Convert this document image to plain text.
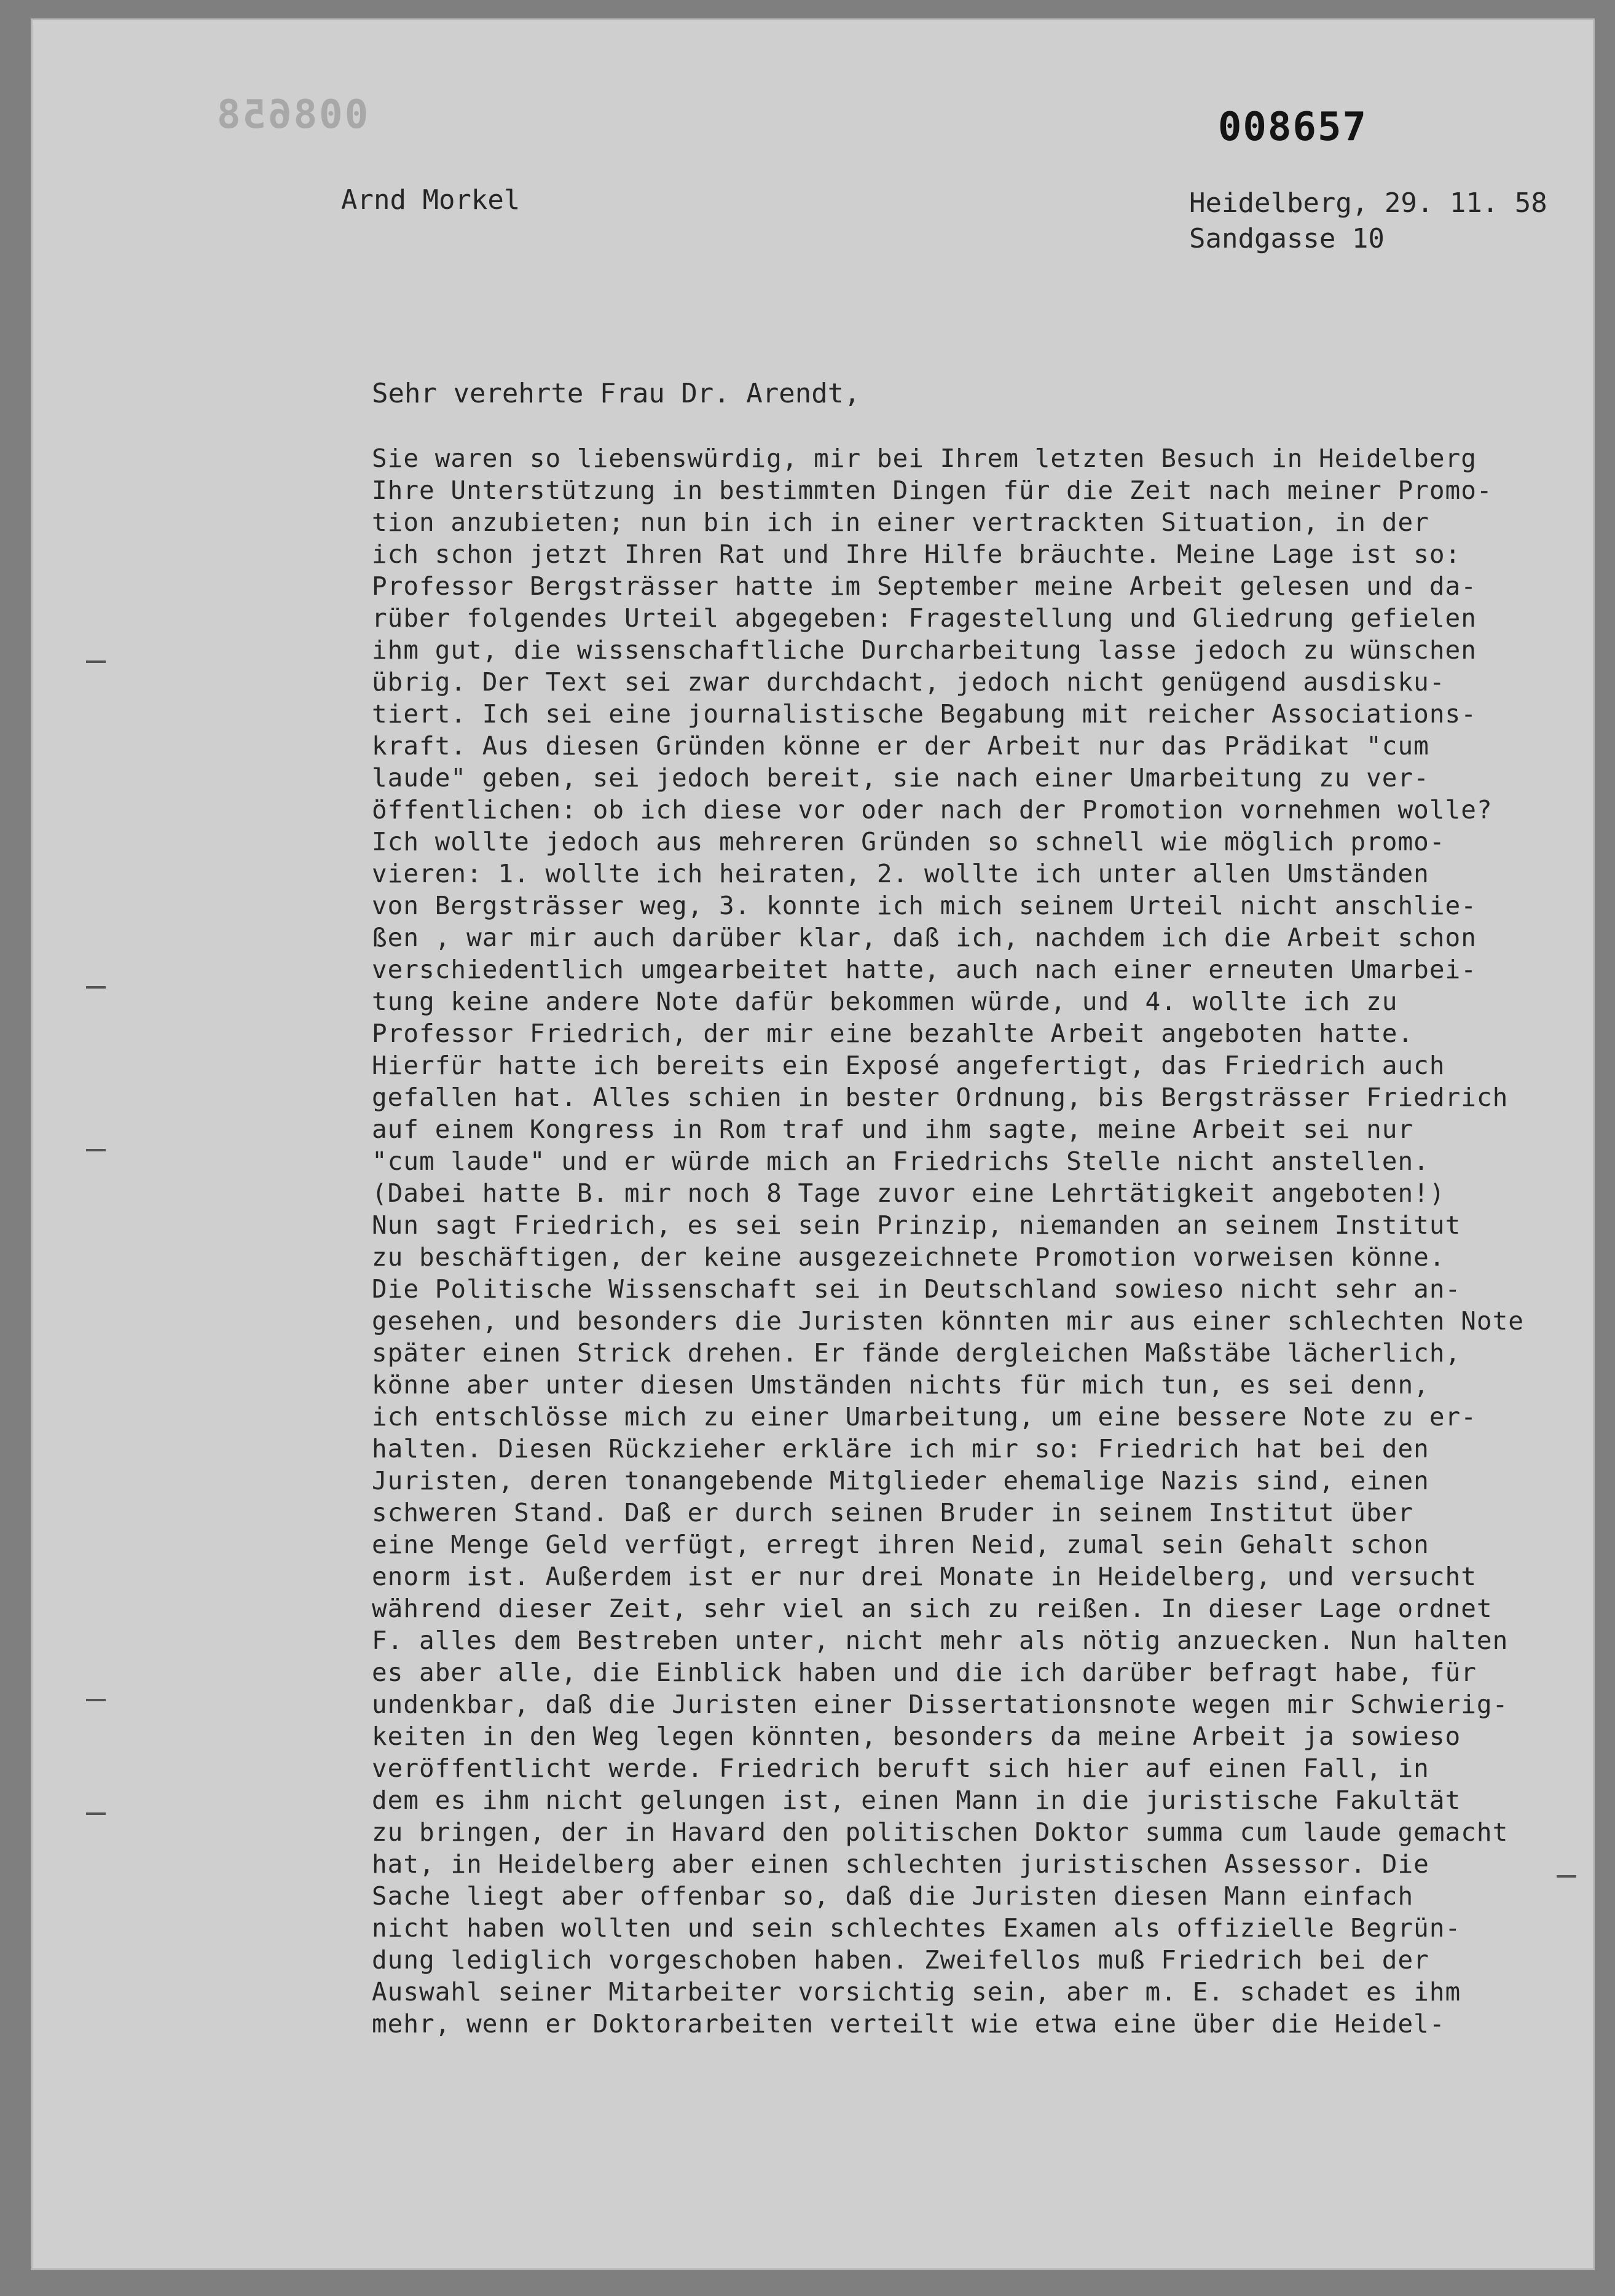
008658	008657
Arnd Morkel	Heidelberg, 29. 11. 58
Sandgasse 10
Sehr verehrte Frau Dr. Arendt,
Sie waren so liebenswürdig, mir bei Ihrem letzten Besuch in Heidelberg
Ihre Unterstützung in bestimmten Dingen für die Zeit nach meiner Promo-
tion anzubieten; nun bin ich in einer vertrackten Situation, in der
ich schon jetzt Ihren Rat und Ihre Hilfe bräuchte. Meine Lage ist so:
Professor Bergsträsser hatte im September meine Arbeit gelesen und da-
rüber folgendes Urteil abgegeben: Fragestellung und Gliedrung gefielen
ihm gut, die wissenschaftliche Durcharbeitung lasse jedoch zu wünschen
übrig. Der Text sei zwar durchdacht, jedoch nicht genügend ausdisku-
tiert. Ich sei eine journalistische Begabung mit reicher Associations-
kraft. Aus diesen Gründen könne er der Arbeit nur das Prädikat "cum
laude" geben, sei jedoch bereit, sie nach einer Umarbeitung zu ver-
öffentlichen: ob ich diese vor oder nach der Promotion vornehmen wolle?
Ich wollte jedoch aus mehreren Gründen so schnell wie möglich promo-
vieren: 1. wollte ich heiraten, 2. wollte ich unter allen Umständen
von Bergsträsser weg, 3. konnte ich mich seinem Urteil nicht anschlie-
ßen , war mir auch darüber klar, daß ich, nachdem ich die Arbeit schon
verschiedentlich umgearbeitet hatte, auch nach einer erneuten Umarbei-
tung keine andere Note dafür bekommen würde, und 4. wollte ich zu
Professor Friedrich, der mir eine bezahlte Arbeit angeboten hatte.
Hierfür hatte ich bereits ein Exposé angefertigt, das Friedrich auch
gefallen hat. Alles schien in bester Ordnung, bis Bergsträsser Friedrich
auf einem Kongress in Rom traf und ihm sagte, meine Arbeit sei nur
"cum laude" und er würde mich an Friedrichs Stelle nicht anstellen.
(Dabei hatte B. mir noch 8 Tage zuvor eine Lehrtätigkeit angeboten!)
Nun sagt Friedrich, es sei sein Prinzip, niemanden an seinem Institut
zu beschäftigen, der keine ausgezeichnete Promotion vorweisen könne.
Die Politische Wissenschaft sei in Deutschland sowieso nicht sehr an-
gesehen, und besonders die Juristen könnten mir aus einer schlechten Note
später einen Strick drehen. Er fände dergleichen Maßstäbe lächerlich,
könne aber unter diesen Umständen nichts für mich tun, es sei denn,
ich entschlösse mich zu einer Umarbeitung, um eine bessere Note zu er-
halten. Diesen Rückzieher erkläre ich mir so: Friedrich hat bei den
Juristen, deren tonangebende Mitglieder ehemalige Nazis sind, einen
schweren Stand. Daß er durch seinen Bruder in seinem Institut über
eine Menge Geld verfügt, erregt ihren Neid, zumal sein Gehalt schon
enorm ist. Außerdem ist er nur drei Monate in Heidelberg, und versucht
während dieser Zeit, sehr viel an sich zu reißen. In dieser Lage ordnet
F. alles dem Bestreben unter, nicht mehr als nötig anzuecken. Nun halten
es aber alle, die Einblick haben und die ich darüber befragt habe, für
undenkbar, daß die Juristen einer Dissertationsnote wegen mir Schwierig-
keiten in den Weg legen könnten, besonders da meine Arbeit ja sowieso
veröffentlicht werde. Friedrich beruft sich hier auf einen Fall, in
dem es ihm nicht gelungen ist, einen Mann in die juristische Fakultät
zu bringen, der in Havard den politischen Doktor summa cum laude gemacht
hat, in Heidelberg aber einen schlechten juristischen Assessor. Die
Sache liegt aber offenbar so, daß die Juristen diesen Mann einfach
nicht haben wollten und sein schlechtes Examen als offizielle Begrün-
dung lediglich vorgeschoben haben. Zweifellos muß Friedrich bei der
Auswahl seiner Mitarbeiter vorsichtig sein, aber m. E. schadet es ihm
mehr, wenn er Doktorarbeiten verteilt wie etwa eine über die Heidel-
